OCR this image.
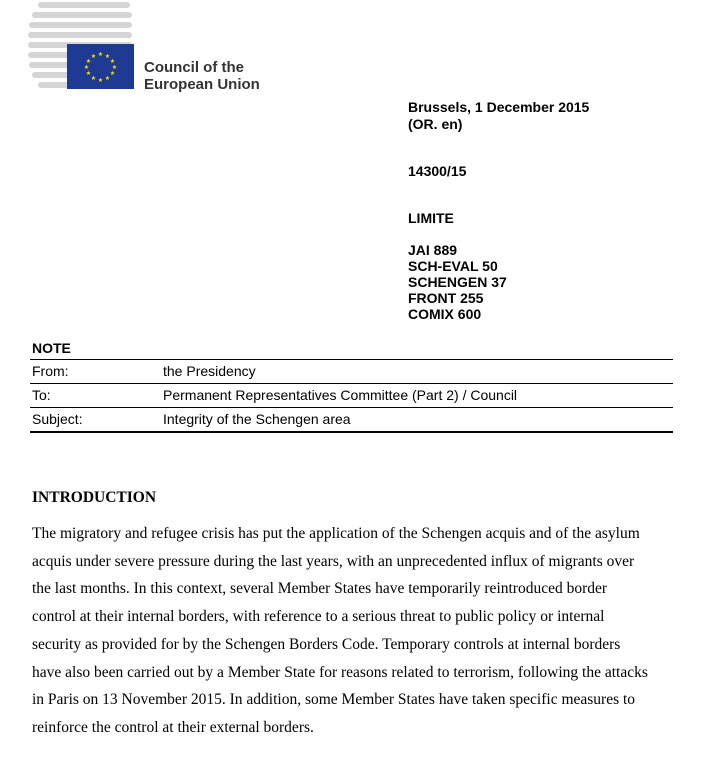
★ ★
★
★
★
★
★
★
★
★
★
★
Council of the
European Union
Brussels, 1 December 2015
(OR. en)
14300/15
LIMITE
JAI 889
SCH-EVAL 50
SCHENGEN 37
FRONT 255
COMIX 600
NOTE
From:	the Presidency
To:	Permanent Representatives Committee (Part 2) / Council
Subject:	Integrity of the Schengen area
INTRODUCTION
The migratory and refugee crisis has put the application of the Schengen acquis and of the asylum
acquis under severe pressure during the last years, with an unprecedented influx of migrants over
the last months. In this context, several Member States have temporarily reintroduced border
control at their internal borders, with reference to a serious threat to public policy or internal
security as provided for by the Schengen Borders Code. Temporary controls at internal borders
have also been carried out by a Member State for reasons related to terrorism, following the attacks
in Paris on 13 November 2015. In addition, some Member States have taken specific measures to
reinforce the control at their external borders.
